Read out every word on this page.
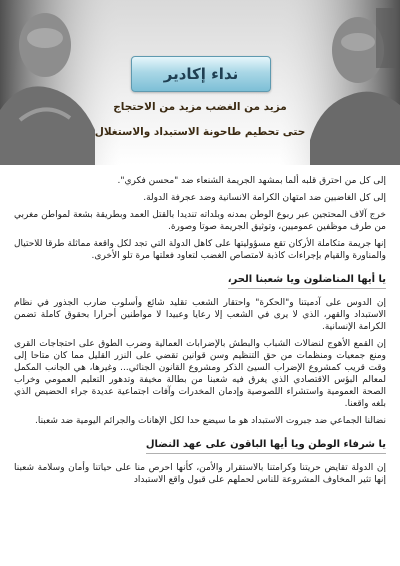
نداء إكادير
مزيد من الغضب مزيد من الاحتجاج
حتى تحطيم طاحونة الاستبداد والاستغلال

إلى كل من احترق قلبه ألما بمشهد الجريمة الشنعاء ضد "محسن فكري".

إلى كل الغاضبين ضد امتهان الكرامة الانسانية وضد عجرفة الدولة.

خرج آلاف المحتجين عبر ربوع الوطن بمدنه وبلداته تنديدا بالقتل العمد وبطريقة بشعة لمواطن مغربي من طرف موظفين عموميين، وتوثيق الجريمة صوتا وصورة.

إنها جريمة متكاملة الأركان تقع مسؤوليتها على كاهل الدولة التي تجد لكل واقعة مماثلة طرقا للاحتيال والمناورة والقيام بإجراءات كاذبة لامتصاص الغضب لتعاود فعلتها مرة تلو الأخرى.

يا أيها المناضلون ويا شعبنا الحر،

إن الدوس على آدميتنا و"الحكرة" واحتقار الشعب تقليد شائع وأسلوب ضارب الجذور في نظام الاستبداد والقهر، الذي لا يرى في الشعب إلا رعايا وعبيدا لا مواطنين أحرارا بحقوق كاملة تضمن الكرامة الإنسانية.

إن القمع الأهوج لنضالات الشباب والبطش بالإضرابات العمالية وضرب الطوق على احتجاجات القرى ومنع جمعيات ومنظمات من حق التنظيم وسن قوانين تقضي على النزر القليل مما كان متاحا إلى وقت قريب كمشروع الإضراب السيئ الذكر ومشروع القانون الجنائي... وغيرها، هي الجانب المكمل لمعالم البؤس الاقتصادي الذي يغرق فيه شعبنا من بطالة مخيفة وتدهور التعليم العمومي وخراب الصحة العمومية واستشراء اللصوصية وإدمان المخدرات وآفات اجتماعية عديدة جراء الحضيض الذي بلغه واقعنا.

نضالنا الجماعي ضد جبروت الاستبداد هو ما سيضع حدا لكل الإهانات والجرائم اليومية ضد شعبنا.

يا شرفاء الوطن ويا أيها الباقون على عهد النضال

إن الدولة تقايض حريتنا وكرامتنا بالاستقرار والأمن، كأنها احرص منا على حياتنا وأمان وسلامة شعبنا إنها تثير المخاوف المشروعة للناس لحملهم على قبول واقع الاستبداد
